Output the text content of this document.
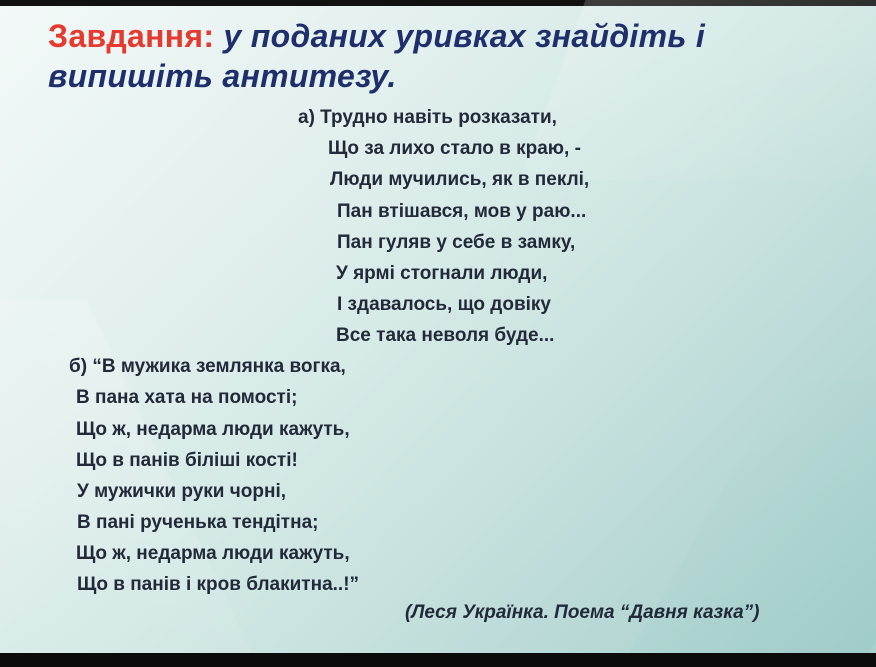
Завдання: у поданих уривках знайдіть і випишіть антитезу.
а) Трудно навіть розказати,
Що за лихо стало в краю, -
Люди мучились, як в пеклі,
Пан втішався, мов у раю...
Пан гуляв у себе в замку,
У ярмі стогнали люди,
І здавалось, що довіку
Все така неволя буде...
б) “В мужика землянка вогка,
В пана хата на помості;
Що ж, недарма люди кажуть,
Що в панів біліші кості!
У мужички руки чорні,
В пані рученька тендітна;
Що ж, недарма люди кажуть,
Що в панів і кров блакитна..!”
(Леся Українка. Поема “Давня казка”)
